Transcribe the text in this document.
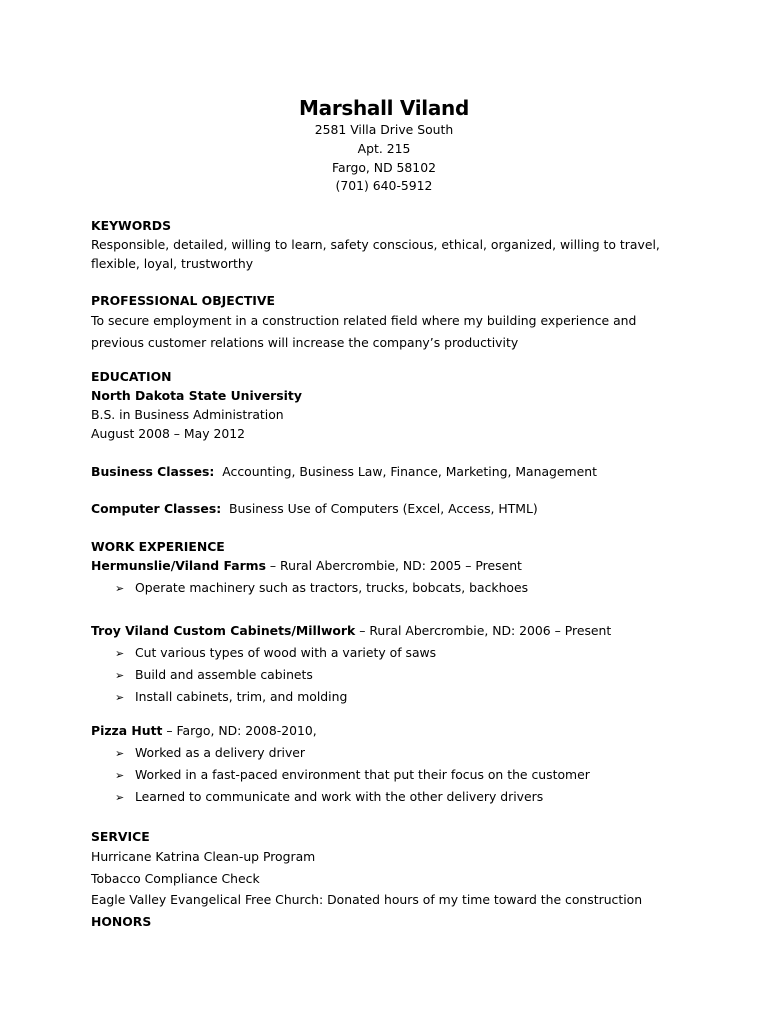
Marshall Viland
2581 Villa Drive South
Apt. 215
Fargo, ND 58102
(701) 640-5912
KEYWORDS
Responsible, detailed, willing to learn, safety conscious, ethical, organized, willing to travel,
flexible, loyal, trustworthy
PROFESSIONAL OBJECTIVE
To secure employment in a construction related field where my building experience and
previous customer relations will increase the company’s productivity
EDUCATION
North Dakota State University
B.S. in Business Administration
August 2008 – May 2012
Business Classes: Accounting, Business Law, Finance, Marketing, Management
Computer Classes: Business Use of Computers (Excel, Access, HTML)
WORK EXPERIENCE
Hermunslie/Viland Farms – Rural Abercrombie, ND: 2005 – Present
➢ Operate machinery such as tractors, trucks, bobcats, backhoes
Troy Viland Custom Cabinets/Millwork – Rural Abercrombie, ND: 2006 – Present
➢ Cut various types of wood with a variety of saws
➢ Build and assemble cabinets
➢ Install cabinets, trim, and molding
Pizza Hutt – Fargo, ND: 2008-2010,
➢ Worked as a delivery driver
➢ Worked in a fast-paced environment that put their focus on the customer
➢ Learned to communicate and work with the other delivery drivers
SERVICE
Hurricane Katrina Clean-up Program
Tobacco Compliance Check
Eagle Valley Evangelical Free Church: Donated hours of my time toward the construction
HONORS
